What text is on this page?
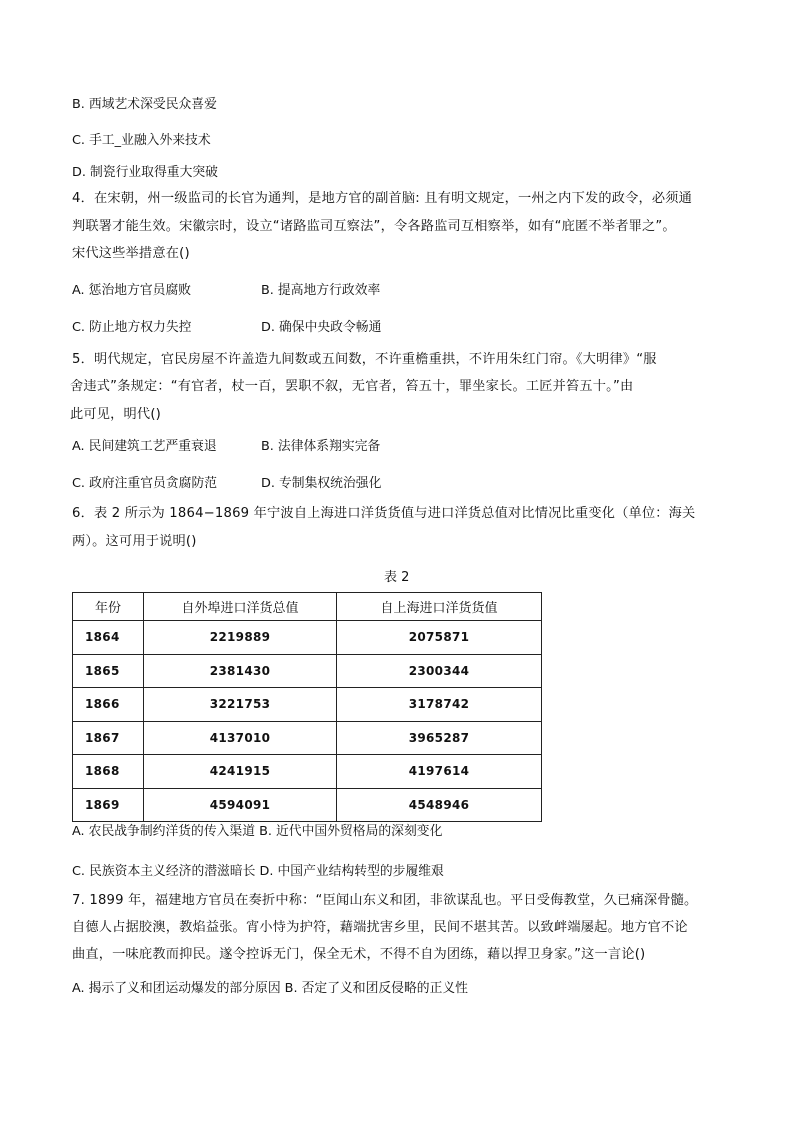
B. 西域艺术深受民众喜爱
C. 手工_业融入外来技术
D. 制瓷行业取得重大突破
4．在宋朝，州一级监司的长官为通判，是地方官的副首脑: 且有明文规定，一州之内下发的政令，必须通
判联署才能生效。宋徽宗时，设立“诸路监司互察法”，令各路监司互相察举，如有“庇匿不举者罪之”。
宋代这些举措意在()
A. 惩治地方官员腐败	B. 提高地方行政效率
C. 防止地方权力失控	D. 确保中央政令畅通
5．明代规定，官民房屋不许盖造九间数或五间数，不许重檐重拱，不许用朱红门帘。《大明律》“服
舍违式”条规定：“有官者，杖一百，罢职不叙，无官者，笞五十，罪坐家长。工匠并笞五十。”由
此可见，明代()
A. 民间建筑工艺严重衰退	B. 法律体系翔实完备
C. 政府注重官员贪腐防范	D. 专制集权统治强化
6．表 2 所示为 1864−1869 年宁波自上海进口洋货货值与进口洋货总值对比情况比重变化（单位：海关
两）。这可用于说明()
表 2
年份	自外埠进口洋货总值	自上海进口洋货货值
1864	2219889	2075871
1865	2381430	2300344
1866	3221753	3178742
1867	4137010	3965287
1868	4241915	4197614
1869	4594091	4548946
A. 农民战争制约洋货的传入渠道 B. 近代中国外贸格局的深刻变化
C. 民族资本主义经济的潜滋暗长 D. 中国产业结构转型的步履维艰
7. 1899 年，福建地方官员在奏折中称：“臣闻山东义和团，非欲谋乱也。平日受侮教堂，久已痛深骨髓。
自德人占据胶澳，教焰益张。宵小恃为护符，藉端扰害乡里，民间不堪其苦。以致衅端屡起。地方官不论
曲直，一味庇教而抑民。遂令控诉无门，保全无术，不得不自为团练，藉以捍卫身家。”这一言论()
A. 揭示了义和团运动爆发的部分原因 B. 否定了义和团反侵略的正义性
